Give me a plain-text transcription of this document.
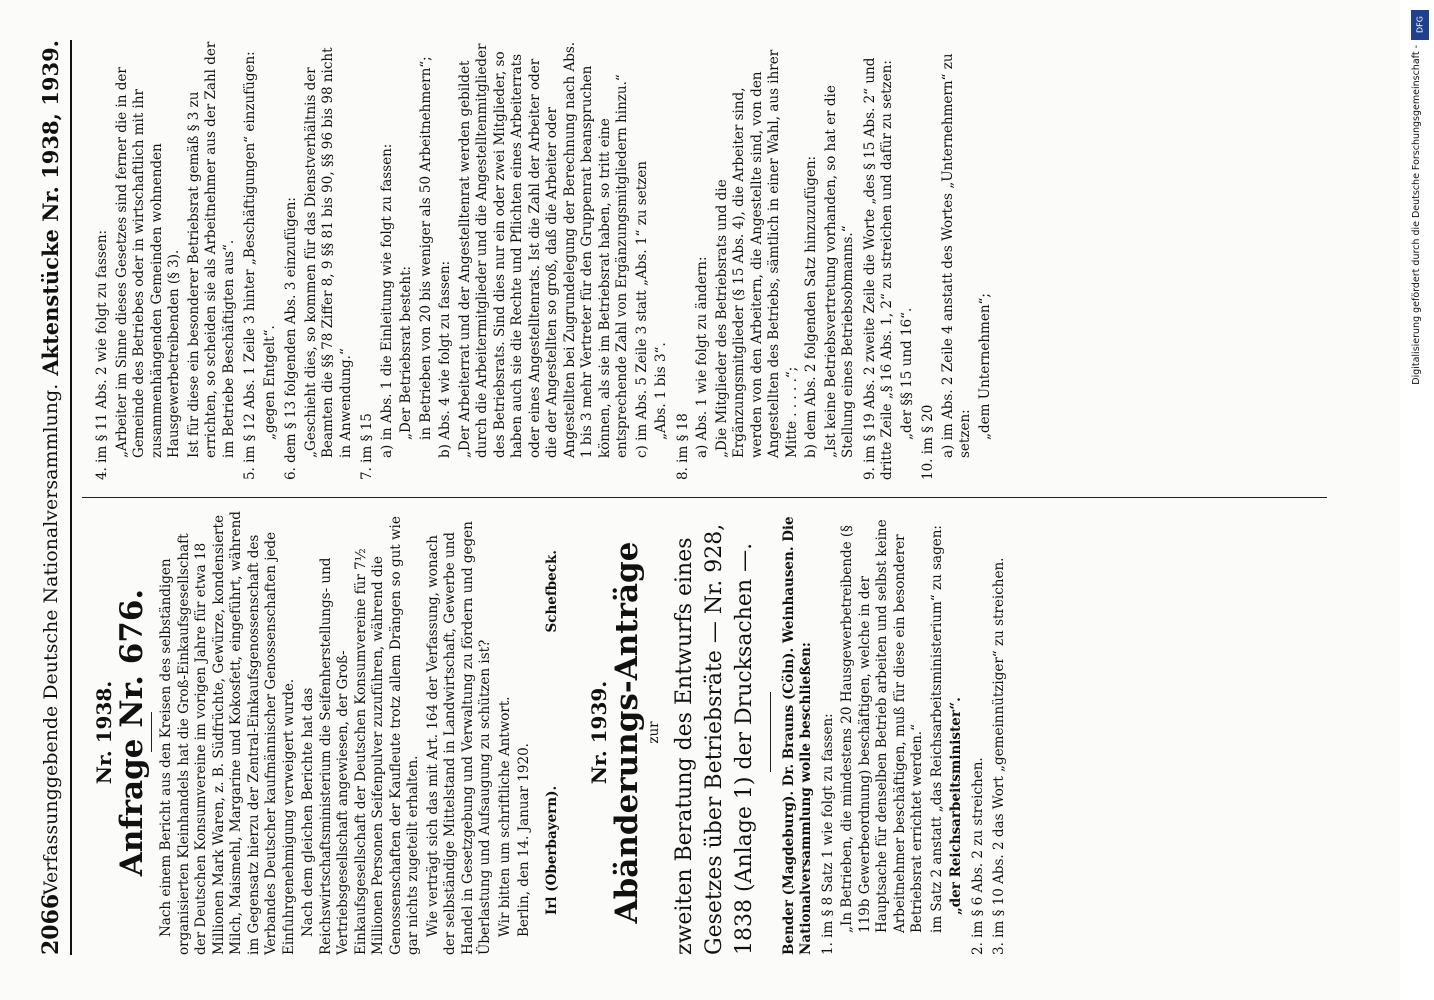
2066
Verfassunggebende Deutsche Nationalversammlung.
Aktenstücke Nr. 1938, 1939.
Nr. 1938.
Anfrage Nr. 676. Nach einem Bericht aus den Kreisen des selbständigen organisierten Kleinhandels hat die Groß-Einkaufsgesellschaft der Deutschen Konsumvereine im vorigen Jahre für etwa 18 Millionen Mark Waren, z. B. Südfrüchte, Gewürze, kondensierte Milch, Maismehl, Margarine und Kokosfett, eingeführt, während im Gegensatz hierzu der Zentral-Einkaufsgenossenschaft des Verbandes Deutscher kaufmännischer Genossenschaften jede Einfuhrgenehmigung verweigert wurde. Nach dem gleichen Berichte hat das Reichswirtschaftsministerium die Seifenherstellungs- und Vertriebsgesellschaft angewiesen, der Groß-Einkaufsgesellschaft der Deutschen Konsumvereine für 7½ Millionen Personen Seifenpulver zuzuführen, während die Genossenschaften der Kaufleute trotz allem Drängen so gut wie gar nichts zugeteilt erhalten. Wie verträgt sich das mit Art. 164 der Verfassung, wonach der selbständige Mittelstand in Landwirtschaft, Gewerbe und Handel in Gesetzgebung und Verwaltung zu fördern und gegen Überlastung und Aufsaugung zu schützen ist? Wir bitten um schriftliche Antwort. Berlin, den 14. Januar 1920. Irl (Oberbayern).
Schefbeck.
Nr. 1939.
Abänderungs-Anträge zur zweiten Beratung des Entwurfs eines Gesetzes über Betriebsräte — Nr. 928, 1838 (Anlage 1) der Drucksachen —. Bender (Magdeburg). Dr. Brauns (Cöln). Weinhausen. Die Nationalversammlung wolle beschließen: 1. im § 8 Satz 1 wie folgt zu fassen: „In Betrieben, die mindestens 20 Hausgewerbetreibende (§ 119b Gewerbeordnung) beschäftigen, welche in der Hauptsache für denselben Betrieb arbeiten und selbst keine Arbeitnehmer beschäftigen, muß für diese ein besonderer Betriebsrat errichtet werden.“ im Satz 2 anstatt „das Reichsarbeitsministerium“ zu sagen: „der Reichsarbeitsminister“. 2. im § 6 Abs. 2 zu streichen. 3. im § 10 Abs. 2 das Wort „gemeinnütziger“ zu streichen.

4. im § 11 Abs. 2 wie folgt zu fassen: „Arbeiter im Sinne dieses Gesetzes sind ferner die in der Gemeinde des Betriebes oder in wirtschaftlich mit ihr zusammenhängenden Gemeinden wohnenden Hausgewerbetreibenden (§ 3). Ist für diese ein besonderer Betriebsrat gemäß § 3 zu errichten, so scheiden sie als Arbeitnehmer aus der Zahl der im Betriebe Beschäftigten aus“. 5. im § 12 Abs. 1 Zeile 3 hinter „Beschäftigungen“ einzufügen: „gegen Entgelt“. 6. dem § 13 folgenden Abs. 3 einzufügen: „Geschieht dies, so kommen für das Dienstverhältnis der Beamten die §§ 78 Ziffer 8, 9 §§ 81 bis 90, §§ 96 bis 98 nicht in Anwendung.“ 7. im § 15 a) in Abs. 1 die Einleitung wie folgt zu fassen: „Der Betriebsrat besteht: in Betrieben von 20 bis weniger als 50 Arbeitnehmern“; b) Abs. 4 wie folgt zu fassen: „Der Arbeiterrat und der Angestelltenrat werden gebildet durch die Arbeitermitglieder und die Angestelltenmitglieder des Betriebsrats. Sind dies nur ein oder zwei Mitglieder, so haben auch sie die Rechte und Pflichten eines Arbeiterrats oder eines Angestelltenrats. Ist die Zahl der Arbeiter oder die der Angestellten so groß, daß die Arbeiter oder Angestellten bei Zugrundelegung der Berechnung nach Abs. 1 bis 3 mehr Vertreter für den Gruppenrat beanspruchen können, als sie im Betriebsrat haben, so tritt eine entsprechende Zahl von Ergänzungsmitgliedern hinzu.“ c) im Abs. 5 Zeile 3 statt „Abs. 1“ zu setzen „Abs. 1 bis 3“.

8. im § 18 a) Abs. 1 wie folgt zu ändern: „Die Mitglieder des Betriebsrats und die Ergänzungsmitglieder (§ 15 Abs. 4), die Arbeiter sind, werden von den Arbeitern, die Angestellte sind, von den Angestellten des Betriebs, sämtlich in einer Wahl, aus ihrer Mitte . . . . .“; b) dem Abs. 2 folgenden Satz hinzuzufügen: „Ist keine Betriebsvertretung vorhanden, so hat er die Stellung eines Betriebsobmanns.“ 9. im § 19 Abs. 2 zweite Zeile die Worte „des § 15 Abs. 2“ und dritte Zeile „§ 16 Abs. 1, 2“ zu streichen und dafür zu setzen: „der §§ 15 und 16“.

10. im § 20 a) im Abs. 2 Zeile 4 anstatt des Wortes „Unternehmern“ zu setzen: „dem Unternehmen“;

DFG
Digitalisierung gefördert durch die Deutsche Forschungsgemeinschaft -
